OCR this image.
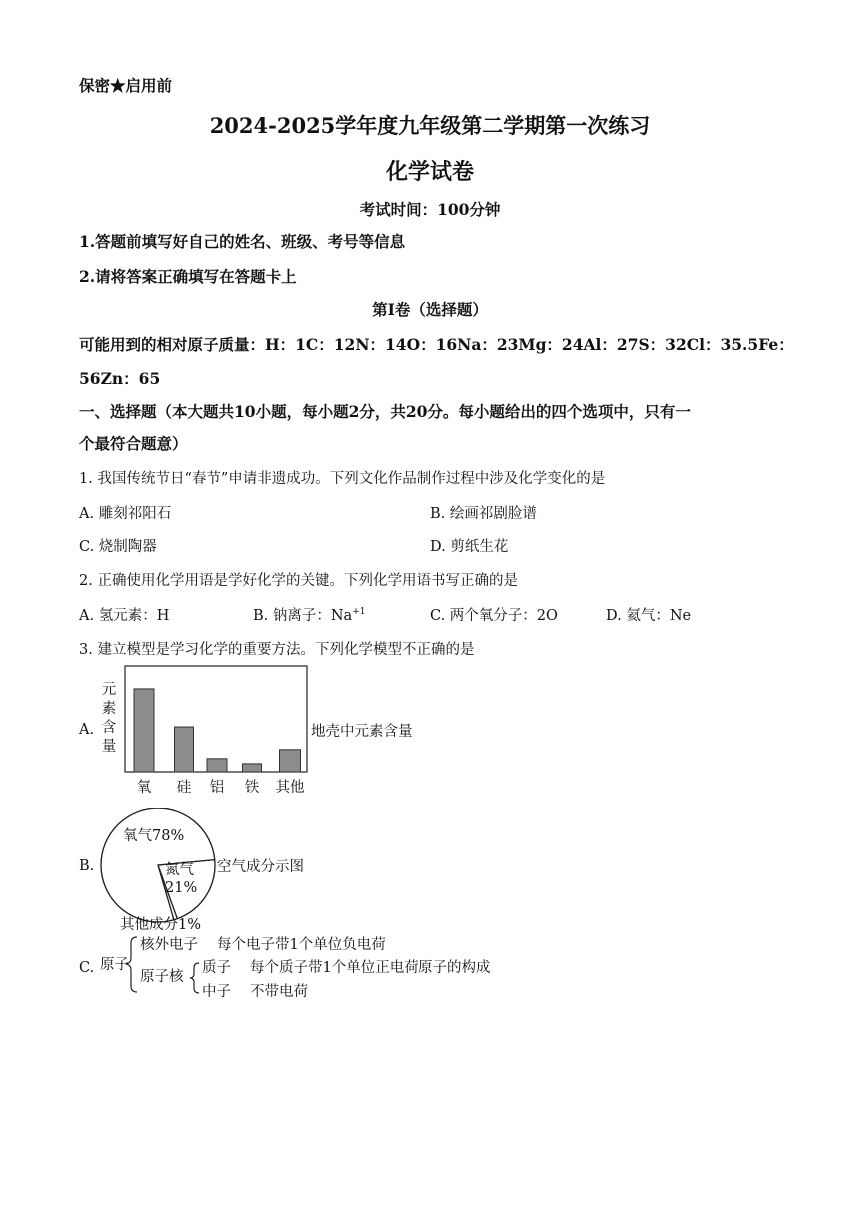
保密★启用前
2024-2025学年度九年级第二学期第一次练习
化学试卷
考试时间：100分钟
1.答题前填写好自己的姓名、班级、考号等信息
2.请将答案正确填写在答题卡上
第I卷（选择题）
可能用到的相对原子质量：H：1C：12N：14O：16Na：23Mg：24Al：27S：32Cl：35.5Fe：
56Zn：65
一、选择题（本大题共10小题，每小题2分，共20分。每小题给出的四个选项中，只有一
个最符合题意）
1. 我国传统节日“春节”申请非遗成功。下列文化作品制作过程中涉及化学变化的是
A. 雕刻祁阳石	B. 绘画祁剧脸谱
C. 烧制陶器	D. 剪纸生花
2. 正确使用化学用语是学好化学的关键。下列化学用语书写正确的是
A. 氢元素：H	B. 钠离子：$Na^{+1}$	C. 两个氧分子：2O	D. 氦气：Ne
3. 建立模型是学习化学的重要方法。下列化学模型不正确的是
A.
元
素
含
量
氧 硅 铝 铁 其他
地壳中元素含量
B.
氧气78%
氮气
21%
空气成分示图
其他成分1%
C. 原子
核外电子 每个电子带1个单位负电荷
原子核
质子 每个质子带1个单位正电荷 原子的构成
中子 不带电荷
